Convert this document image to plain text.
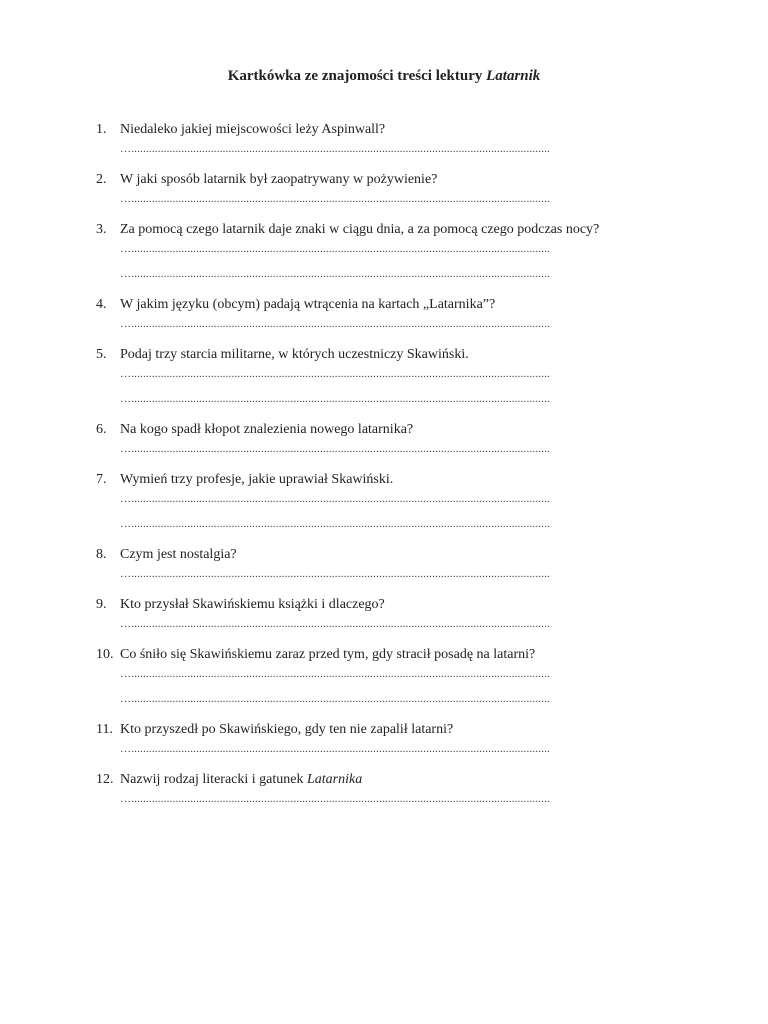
Kartkówka ze znajomości treści lektury Latarnik
1. Niedaleko jakiej miejscowości leży Aspinwall?
…..............................................................................................................................................
2. W jaki sposób latarnik był zaopatrywany w pożywienie?
…..............................................................................................................................................
3. Za pomocą czego latarnik daje znaki w ciągu dnia, a za pomocą czego podczas nocy?
…..............................................................................................................................................
…..............................................................................................................................................
4. W jakim języku (obcym) padają wtrącenia na kartach „Latarnika”?
…..............................................................................................................................................
5. Podaj trzy starcia militarne, w których uczestniczy Skawiński.
…..............................................................................................................................................
…..............................................................................................................................................
6. Na kogo spadł kłopot znalezienia nowego latarnika?
…..............................................................................................................................................
7. Wymień trzy profesje, jakie uprawiał Skawiński.
…..............................................................................................................................................
…..............................................................................................................................................
8. Czym jest nostalgia?
…..............................................................................................................................................
9. Kto przysłał Skawińskiemu książki i dlaczego?
…..............................................................................................................................................
10. Co śniło się Skawińskiemu zaraz przed tym, gdy stracił posadę na latarni?
…..............................................................................................................................................
…..............................................................................................................................................
11. Kto przyszedł po Skawińskiego, gdy ten nie zapalił latarni?
…..............................................................................................................................................
12. Nazwij rodzaj literacki i gatunek Latarnika
…..............................................................................................................................................
